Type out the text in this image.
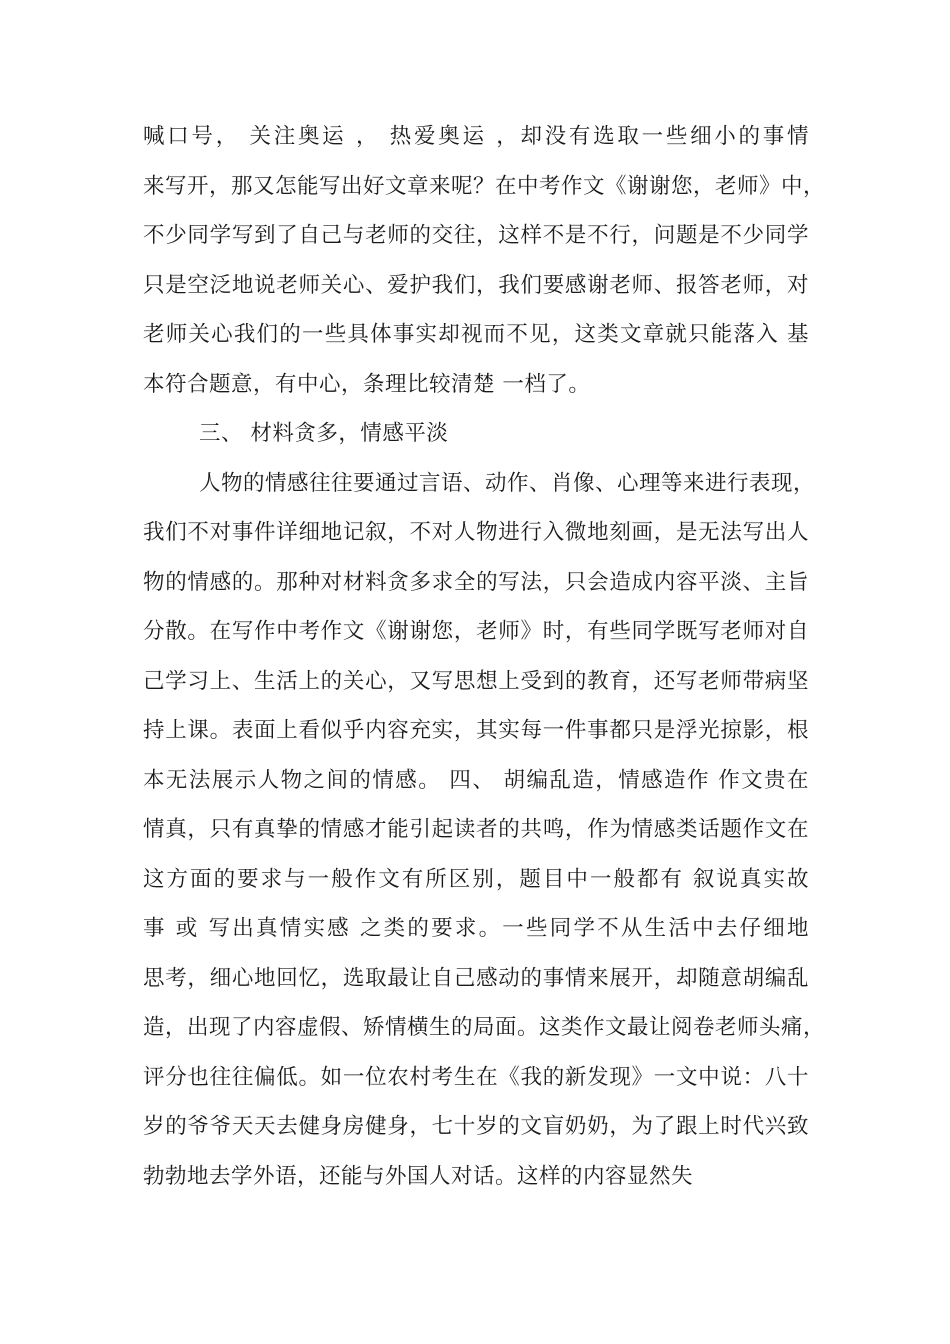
喊口号， 关注奥运 ， 热爱奥运 ，却没有选取一些细小的事情
来写开，那又怎能写出好文章来呢？在中考作文《谢谢您，老师》中，
不少同学写到了自己与老师的交往，这样不是不行，问题是不少同学
只是空泛地说老师关心、爱护我们，我们要感谢老师、报答老师，对
老师关心我们的一些具体事实却视而不见，这类文章就只能落入 基
本符合题意，有中心，条理比较清楚 一档了。
三、 材料贪多，情感平淡
人物的情感往往要通过言语、动作、肖像、心理等来进行表现，
我们不对事件详细地记叙，不对人物进行入微地刻画，是无法写出人
物的情感的。那种对材料贪多求全的写法，只会造成内容平淡、主旨
分散。在写作中考作文《谢谢您，老师》时，有些同学既写老师对自
己学习上、生活上的关心，又写思想上受到的教育，还写老师带病坚
持上课。表面上看似乎内容充实，其实每一件事都只是浮光掠影，根
本无法展示人物之间的情感。 四、 胡编乱造，情感造作 作文贵在
情真，只有真挚的情感才能引起读者的共鸣，作为情感类话题作文在
这方面的要求与一般作文有所区别，题目中一般都有 叙说真实故
事 或 写出真情实感 之类的要求。一些同学不从生活中去仔细地
思考，细心地回忆，选取最让自己感动的事情来展开，却随意胡编乱
造，出现了内容虚假、矫情横生的局面。这类作文最让阅卷老师头痛，
评分也往往偏低。如一位农村考生在《我的新发现》一文中说：八十
岁的爷爷天天去健身房健身，七十岁的文盲奶奶，为了跟上时代兴致
勃勃地去学外语，还能与外国人对话。这样的内容显然失
